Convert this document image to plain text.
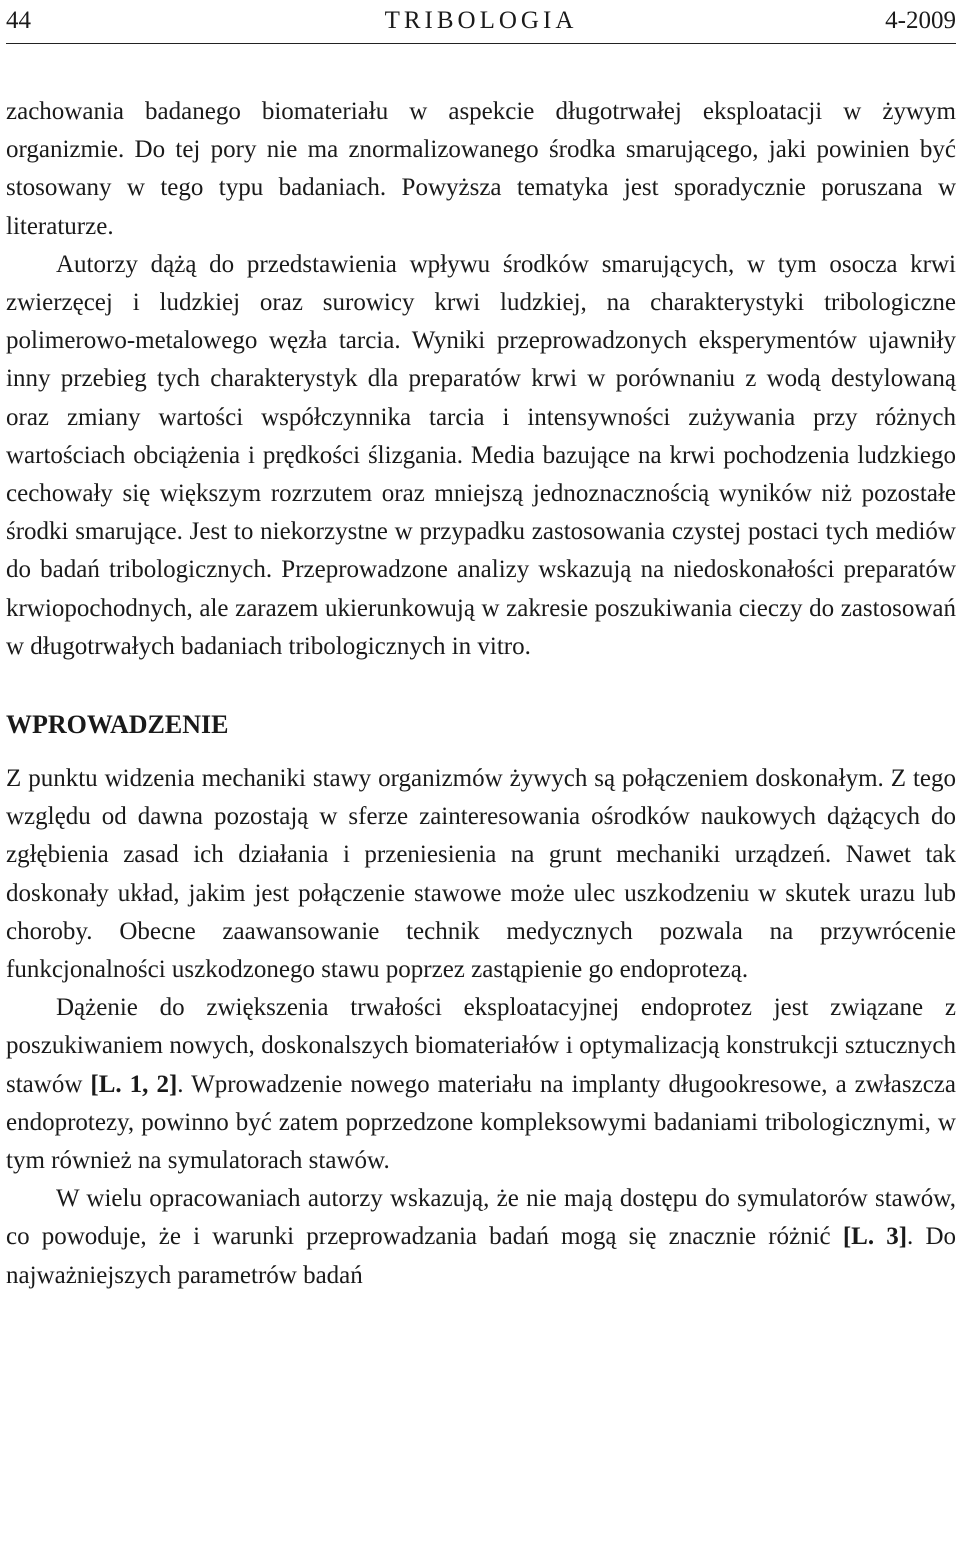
44	TRIBOLOGIA	4-2009

zachowania badanego biomateriału w aspekcie długotrwałej eksploatacji w żywym organizmie. Do tej pory nie ma znormalizowanego środka smarującego, jaki powinien być stosowany w tego typu badaniach. Powyższa tematyka jest sporadycznie poruszana w literaturze.

Autorzy dążą do przedstawienia wpływu środków smarujących, w tym osocza krwi zwierzęcej i ludzkiej oraz surowicy krwi ludzkiej, na charakterystyki tribologiczne polimerowo-metalowego węzła tarcia. Wyniki przeprowadzonych eksperymentów ujawniły inny przebieg tych charakterystyk dla preparatów krwi w porównaniu z wodą destylowaną oraz zmiany wartości współczynnika tarcia i intensywności zużywania przy różnych wartościach obciążenia i prędkości ślizgania. Media bazujące na krwi pochodzenia ludzkiego cechowały się większym rozrzutem oraz mniejszą jednoznacznością wyników niż pozostałe środki smarujące. Jest to niekorzystne w przypadku zastosowania czystej postaci tych mediów do badań tribologicznych. Przeprowadzone analizy wskazują na niedoskonałości preparatów krwiopochodnych, ale zarazem ukierunkowują w zakresie poszukiwania cieczy do zastosowań w długotrwałych badaniach tribologicznych in vitro.

WPROWADZENIE

Z punktu widzenia mechaniki stawy organizmów żywych są połączeniem doskonałym. Z tego względu od dawna pozostają w sferze zainteresowania ośrodków naukowych dążących do zgłębienia zasad ich działania i przeniesienia na grunt mechaniki urządzeń. Nawet tak doskonały układ, jakim jest połączenie stawowe może ulec uszkodzeniu w skutek urazu lub choroby. Obecne zaawansowanie technik medycznych pozwala na przywrócenie funkcjonalności uszkodzonego stawu poprzez zastąpienie go endoprotezą.

Dążenie do zwiększenia trwałości eksploatacyjnej endoprotez jest związane z poszukiwaniem nowych, doskonalszych biomateriałów i optymalizacją konstrukcji sztucznych stawów [L. 1, 2]. Wprowadzenie nowego materiału na implanty długookresowe, a zwłaszcza endoprotezy, powinno być zatem poprzedzone kompleksowymi badaniami tribologicznymi, w tym również na symulatorach stawów.

W wielu opracowaniach autorzy wskazują, że nie mają dostępu do symulatorów stawów, co powoduje, że i warunki przeprowadzania badań mogą się znacznie różnić [L. 3]. Do najważniejszych parametrów badań
